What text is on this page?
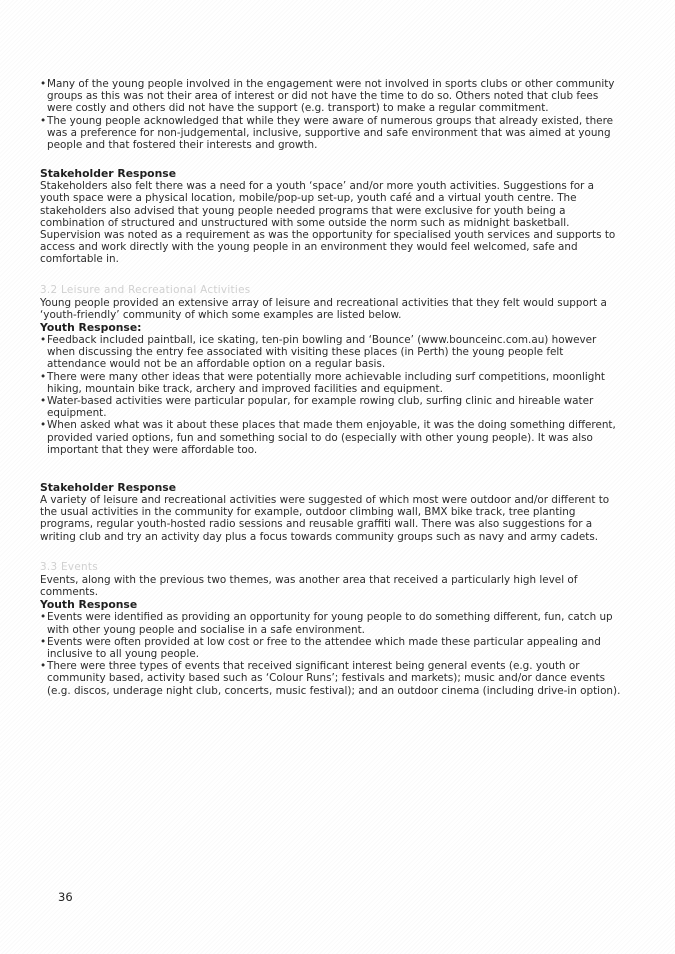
• Many of the young people involved in the engagement were not involved in sports clubs or other community groups as this was not their area of interest or did not have the time to do so. Others noted that club fees were costly and others did not have the support (e.g. transport) to make a regular commitment.
• The young people acknowledged that while they were aware of numerous groups that already existed, there was a preference for non-judgemental, inclusive, supportive and safe environment that was aimed at young people and that fostered their interests and growth.
Stakeholder Response

Stakeholders also felt there was a need for a youth ‘space’ and/or more youth activities. Suggestions for a youth space were a physical location, mobile/pop-up set-up, youth café and a virtual youth centre. The stakeholders also advised that young people needed programs that were exclusive for youth being a combination of structured and unstructured with some outside the norm such as midnight basketball. Supervision was noted as a requirement as was the opportunity for specialised youth services and supports to access and work directly with the young people in an environment they would feel welcomed, safe and comfortable in.

3.2 Leisure and Recreational Activities

Young people provided an extensive array of leisure and recreational activities that they felt would support a ‘youth-friendly’ community of which some examples are listed below.

Youth Response:
• Feedback included paintball, ice skating, ten-pin bowling and ‘Bounce’ (www.bounceinc.com.au) however when discussing the entry fee associated with visiting these places (in Perth) the young people felt attendance would not be an affordable option on a regular basis.
• There were many other ideas that were potentially more achievable including surf competitions, moonlight hiking, mountain bike track, archery and improved facilities and equipment.
• Water-based activities were particular popular, for example rowing club, surfing clinic and hireable water equipment.
• When asked what was it about these places that made them enjoyable, it was the doing something different, provided varied options, fun and something social to do (especially with other young people). It was also important that they were affordable too.
Stakeholder Response

A variety of leisure and recreational activities were suggested of which most were outdoor and/or different to the usual activities in the community for example, outdoor climbing wall, BMX bike track, tree planting programs, regular youth-hosted radio sessions and reusable graffiti wall. There was also suggestions for a writing club and try an activity day plus a focus towards community groups such as navy and army cadets.

3.3 Events

Events, along with the previous two themes, was another area that received a particularly high level of comments.

Youth Response
• Events were identified as providing an opportunity for young people to do something different, fun, catch up with other young people and socialise in a safe environment.
• Events were often provided at low cost or free to the attendee which made these particular appealing and inclusive to all young people.
• There were three types of events that received significant interest being general events (e.g. youth or community based, activity based such as ‘Colour Runs’; festivals and markets); music and/or dance events (e.g. discos, underage night club, concerts, music festival); and an outdoor cinema (including drive-in option).
36
